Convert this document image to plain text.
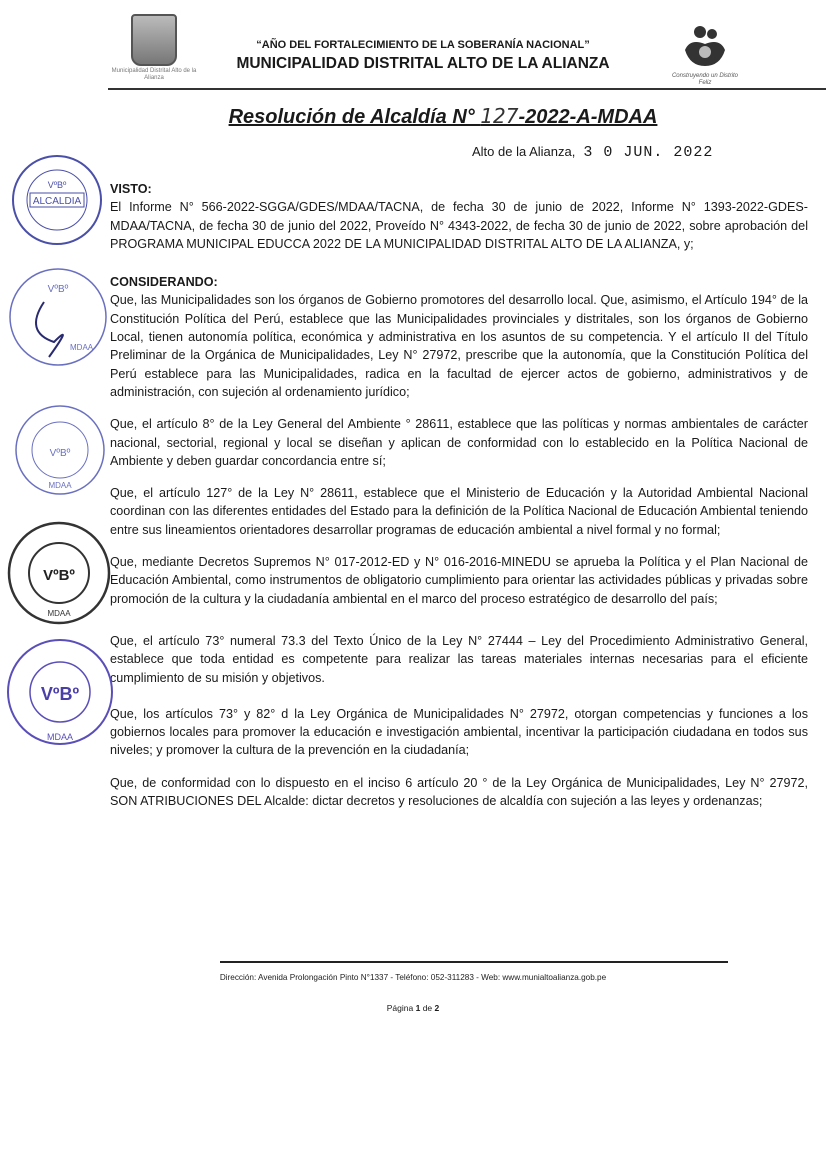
Municipalidad Distrital Alto de la Alianza	Construyendo un Distrito Feliz
“AÑO DEL FORTALECIMIENTO DE LA SOBERANÍA NACIONAL”
MUNICIPALIDAD DISTRITAL ALTO DE LA ALIANZA
Resolución de Alcaldía N° 127-2022-A-MDAA
Alto de la Alianza, 3 0 JUN. 2022
VISTO:

El Informe N° 566-2022-SGGA/GDES/MDAA/TACNA, de fecha 30 de junio de 2022, Informe N° 1393-2022-GDES-MDAA/TACNA, de fecha 30 de junio del 2022, Proveído N° 4343-2022, de fecha 30 de junio de 2022, sobre aprobación del PROGRAMA MUNICIPAL EDUCCA 2022 DE LA MUNICIPALIDAD DISTRITAL ALTO DE LA ALIANZA, y;

CONSIDERANDO:

Que, las Municipalidades son los órganos de Gobierno promotores del desarrollo local. Que, asimismo, el Artículo 194° de la Constitución Política del Perú, establece que las Municipalidades provinciales y distritales, son los órganos de Gobierno Local, tienen autonomía política, económica y administrativa en los asuntos de su competencia. Y el artículo II del Título Preliminar de la Orgánica de Municipalidades, Ley N° 27972, prescribe que la autonomía, que la Constitución Política del Perú establece para las Municipalidades, radica en la facultad de ejercer actos de gobierno, administrativos y de administración, con sujeción al ordenamiento jurídico;

Que, el artículo 8° de la Ley General del Ambiente ° 28611, establece que las políticas y normas ambientales de carácter nacional, sectorial, regional y local se diseñan y aplican de conformidad con lo establecido en la Política Nacional de Ambiente y deben guardar concordancia entre sí;

Que, el artículo 127° de la Ley N° 28611, establece que el Ministerio de Educación y la Autoridad Ambiental Nacional coordinan con las diferentes entidades del Estado para la definición de la Política Nacional de Educación Ambiental teniendo entre sus lineamientos orientadores desarrollar programas de educación ambiental a nivel formal y no formal;

Que, mediante Decretos Supremos N° 017-2012-ED y N° 016-2016-MINEDU se aprueba la Política y el Plan Nacional de Educación Ambiental, como instrumentos de obligatorio cumplimiento para orientar las actividades públicas y privadas sobre promoción de la cultura y la ciudadanía ambiental en el marco del proceso estratégico de desarrollo del país;

Que, el artículo 73° numeral 73.3 del Texto Único de la Ley N° 27444 – Ley del Procedimiento Administrativo General, establece que toda entidad es competente para realizar las tareas materiales internas necesarias para el eficiente cumplimiento de su misión y objetivos.

Que, los artículos 73° y 82° d la Ley Orgánica de Municipalidades N° 27972, otorgan competencias y funciones a los gobiernos locales para promover la educación e investigación ambiental, incentivar la participación ciudadana en todos sus niveles; y promover la cultura de la prevención en la ciudadanía;

Que, de conformidad con lo dispuesto en el inciso 6 artículo 20 ° de la Ley Orgánica de Municipalidades, Ley N° 27972, SON ATRIBUCIONES DEL Alcalde: dictar decretos y resoluciones de alcaldía con sujeción a las leyes y ordenanzas;

ALCALDIA
VºBº
VºBº
MDAA
VºBº
MDAA
VºBº
MDAA
VºBº
MDAA
Dirección: Avenida Prolongación Pinto N°1337 - Teléfono: 052-311283 - Web: www.munialtoalianza.gob.pe
Página 1 de 2
